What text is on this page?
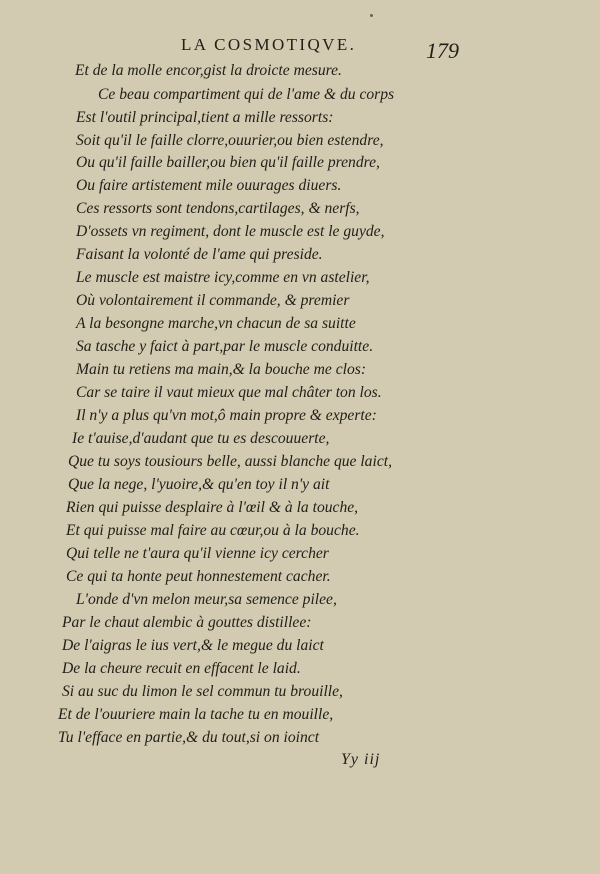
LA COSMOTIQVE.	179
Et de la molle encor,gist la droicte mesure.
Ce beau compartiment qui de l'ame & du corps
Est l'outil principal,tient a mille ressorts:
Soit qu'il le faille clorre,ouurier,ou bien estendre,
Ou qu'il faille bailler,ou bien qu'il faille prendre,
Ou faire artistement mile ouurages diuers.
Ces ressorts sont tendons,cartilages, & nerfs,
D'ossets vn regiment, dont le muscle est le guyde,
Faisant la volonté de l'ame qui preside.
Le muscle est maistre icy,comme en vn astelier,
Où volontairement il commande, & premier
A la besongne marche,vn chacun de sa suitte
Sa tasche y faict à part,par le muscle conduitte.
Main tu retiens ma main,& la bouche me clos:
Car se taire il vaut mieux que mal châter ton los.
Il n'y a plus qu'vn mot,ô main propre & experte:
Ie t'auise,d'audant que tu es descouuerte,
Que tu soys tousiours belle, aussi blanche que laict,
Que la nege, l'yuoire,& qu'en toy il n'y ait
Rien qui puisse desplaire à l'œil & à la touche,
Et qui puisse mal faire au cœur,ou à la bouche.
Qui telle ne t'aura qu'il vienne icy cercher
Ce qui ta honte peut honnestement cacher.
L'onde d'vn melon meur,sa semence pilee,
Par le chaut alembic à gouttes distillee:
De l'aigras le ius vert,& le megue du laict
De la cheure recuit en effacent le laid.
Si au suc du limon le sel commun tu brouille,
Et de l'ouuriere main la tache tu en mouille,
Tu l'efface en partie,& du tout,si on ioinct
Yy iij
